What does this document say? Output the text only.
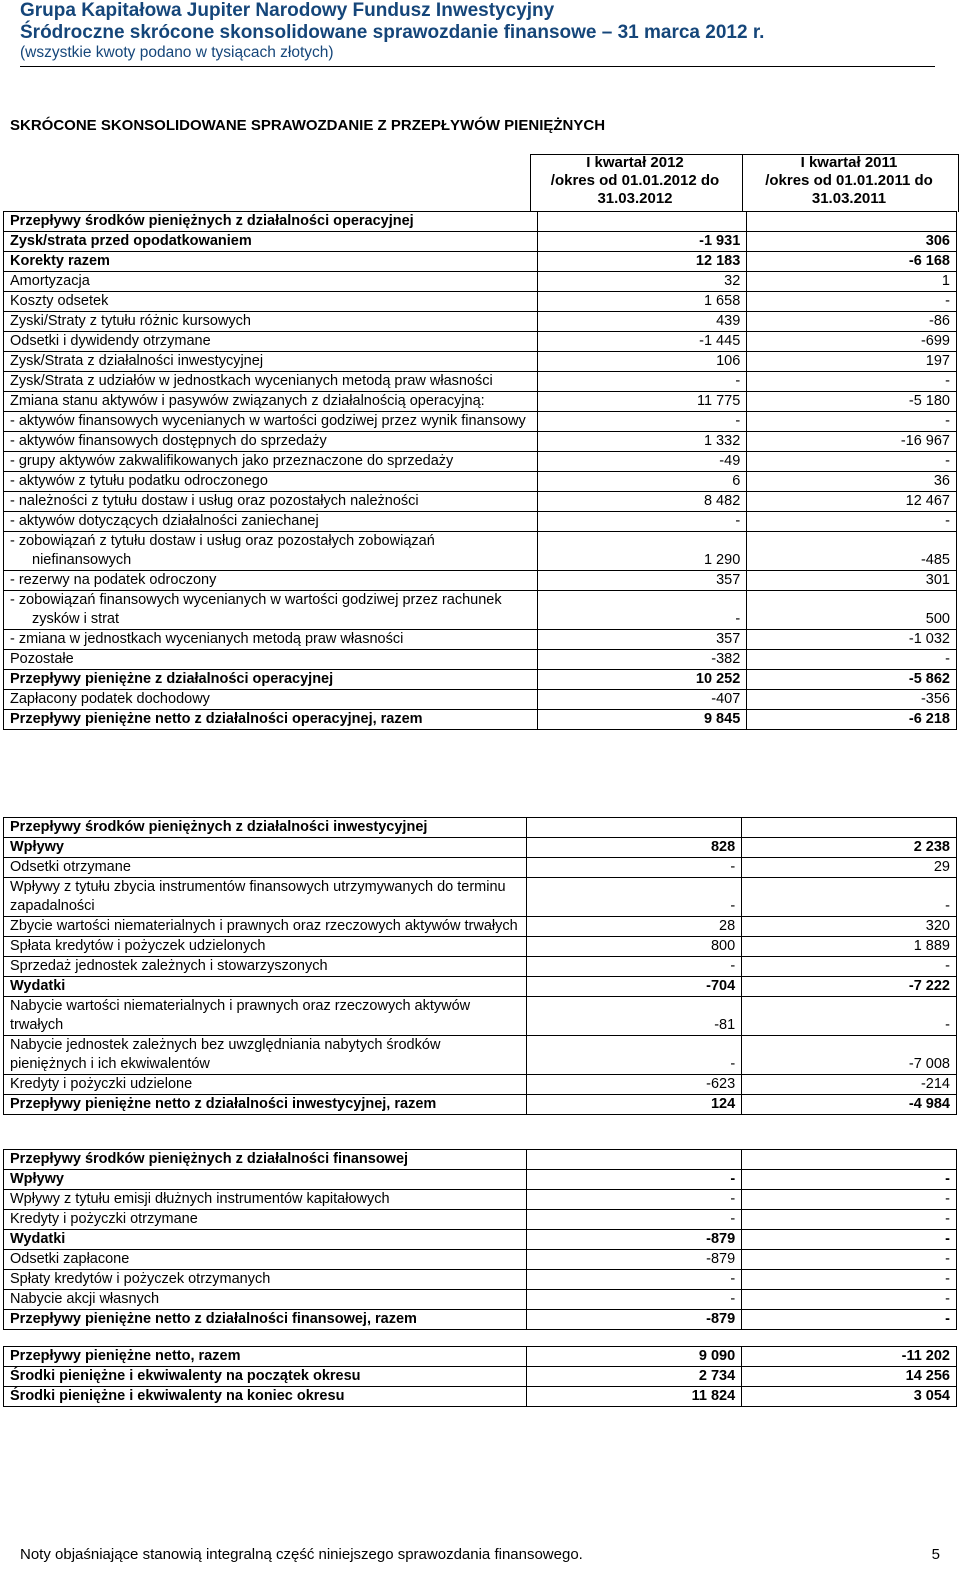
Grupa Kapitałowa Jupiter Narodowy Fundusz Inwestycyjny
Śródroczne skrócone skonsolidowane sprawozdanie finansowe – 31 marca 2012 r.
(wszystkie kwoty podano w tysiącach złotych)
SKRÓCONE SKONSOLIDOWANE SPRAWOZDANIE Z PRZEPŁYWÓW PIENIĘŻNYCH
I kwartał 2012
/okres od 01.01.2012 do
31.03.2012
I kwartał 2011
/okres od 01.01.2011 do
31.03.2011
Przepływy środków pieniężnych z działalności operacyjnej		
Zysk/strata przed opodatkowaniem	-1 931	306
Korekty razem	12 183	-6 168
Amortyzacja	32	1
Koszty odsetek	1 658	-
Zyski/Straty z tytułu różnic kursowych	439	-86
Odsetki i dywidendy otrzymane	-1 445	-699
Zysk/Strata z działalności inwestycyjnej	106	197
Zysk/Strata z udziałów w jednostkach wycenianych metodą praw własności	-	-
Zmiana stanu aktywów i pasywów związanych z działalnością operacyjną:	11 775	-5 180
- aktywów finansowych wycenianych w wartości godziwej przez wynik finansowy	-	-
- aktywów finansowych dostępnych do sprzedaży	1 332	-16 967
- grupy aktywów zakwalifikowanych jako przeznaczone do sprzedaży	-49	-
- aktywów z tytułu podatku odroczonego	6	36
- należności z tytułu dostaw i usług oraz pozostałych należności	8 482	12 467
- aktywów dotyczących działalności zaniechanej	-	-
- zobowiązań z tytułu dostaw i usług oraz pozostałych zobowiązań niefinansowych	1 290	-485
- rezerwy na podatek odroczony	357	301
- zobowiązań finansowych wycenianych w wartości godziwej przez rachunek zysków i strat	-	500
- zmiana w jednostkach wycenianych metodą praw własności	357	-1 032
Pozostałe	-382	-
Przepływy pieniężne z działalności operacyjnej	10 252	-5 862
Zapłacony podatek dochodowy	-407	-356
Przepływy pieniężne netto z działalności operacyjnej, razem	9 845	-6 218
Przepływy środków pieniężnych z działalności inwestycyjnej		
Wpływy	828	2 238
Odsetki otrzymane	-	29
Wpływy z tytułu zbycia instrumentów finansowych utrzymywanych do terminu zapadalności	-	-
Zbycie wartości niematerialnych i prawnych oraz rzeczowych aktywów trwałych	28	320
Spłata kredytów i pożyczek udzielonych	800	1 889
Sprzedaż jednostek zależnych i stowarzyszonych	-	-
Wydatki	-704	-7 222
Nabycie wartości niematerialnych i prawnych oraz rzeczowych aktywów trwałych	-81	-
Nabycie jednostek zależnych bez uwzględniania nabytych środków pieniężnych i ich ekwiwalentów	-	-7 008
Kredyty i pożyczki udzielone	-623	-214
Przepływy pieniężne netto z działalności inwestycyjnej, razem	124	-4 984
Przepływy środków pieniężnych z działalności finansowej		
Wpływy	-	-
Wpływy z tytułu emisji dłużnych instrumentów kapitałowych	-	-
Kredyty i pożyczki otrzymane	-	-
Wydatki	-879	-
Odsetki zapłacone	-879	-
Spłaty kredytów i pożyczek otrzymanych	-	-
Nabycie akcji własnych	-	-
Przepływy pieniężne netto z działalności finansowej, razem	-879	-
Przepływy pieniężne netto, razem	9 090	-11 202
Środki pieniężne i ekwiwalenty na początek okresu	2 734	14 256
Środki pieniężne i ekwiwalenty na koniec okresu	11 824	3 054
Noty objaśniające stanowią integralną część niniejszego sprawozdania finansowego.	5
